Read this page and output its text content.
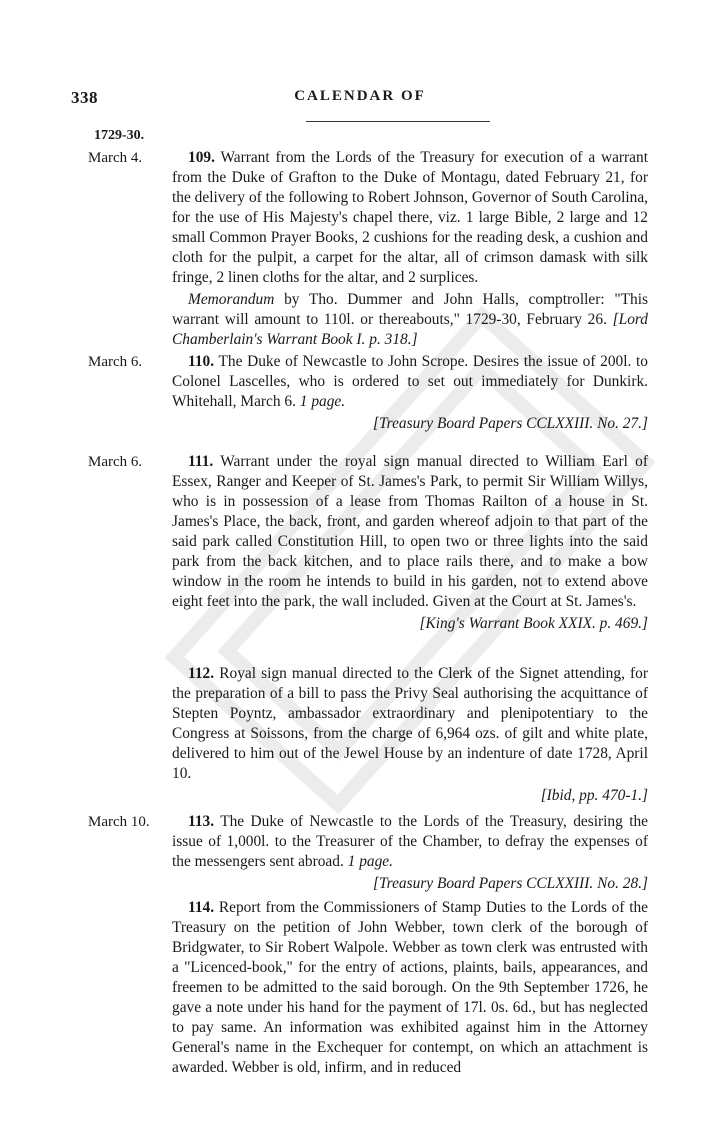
338	CALENDAR OF
1729-30.
March 4.	109. Warrant from the Lords of the Treasury for execution of a warrant from the Duke of Grafton to the Duke of Montagu, dated February 21, for the delivery of the following to Robert Johnson, Governor of South Carolina, for the use of His Majesty's chapel there, viz. 1 large Bible, 2 large and 12 small Common Prayer Books, 2 cushions for the reading desk, a cushion and cloth for the pulpit, a carpet for the altar, all of crimson damask with silk fringe, 2 linen cloths for the altar, and 2 surplices.

Memorandum by Tho. Dummer and John Halls, comptroller: "This warrant will amount to 110l. or thereabouts," 1729-30, February 26. [Lord Chamberlain's Warrant Book I. p. 318.]

March 6.	110. The Duke of Newcastle to John Scrope. Desires the issue of 200l. to Colonel Lascelles, who is ordered to set out immediately for Dunkirk. Whitehall, March 6. 1 page.

[Treasury Board Papers CCLXXIII. No. 27.]

March 6.	111. Warrant under the royal sign manual directed to William Earl of Essex, Ranger and Keeper of St. James's Park, to permit Sir William Willys, who is in possession of a lease from Thomas Railton of a house in St. James's Place, the back, front, and garden whereof adjoin to that part of the said park called Constitution Hill, to open two or three lights into the said park from the back kitchen, and to place rails there, and to make a bow window in the room he intends to build in his garden, not to extend above eight feet into the park, the wall included. Given at the Court at St. James's.

[King's Warrant Book XXIX. p. 469.]

112. Royal sign manual directed to the Clerk of the Signet attending, for the preparation of a bill to pass the Privy Seal authorising the acquittance of Stepten Poyntz, ambassador extraordinary and plenipotentiary to the Congress at Soissons, from the charge of 6,964 ozs. of gilt and white plate, delivered to him out of the Jewel House by an indenture of date 1728, April 10.

[Ibid, pp. 470-1.]

March 10.	113. The Duke of Newcastle to the Lords of the Treasury, desiring the issue of 1,000l. to the Treasurer of the Chamber, to defray the expenses of the messengers sent abroad. 1 page.

[Treasury Board Papers CCLXXIII. No. 28.]

114. Report from the Commissioners of Stamp Duties to the Lords of the Treasury on the petition of John Webber, town clerk of the borough of Bridgwater, to Sir Robert Walpole. Webber as town clerk was entrusted with a "Licenced-book," for the entry of actions, plaints, bails, appearances, and freemen to be admitted to the said borough. On the 9th September 1726, he gave a note under his hand for the payment of 17l. 0s. 6d., but has neglected to pay same. An information was exhibited against him in the Attorney General's name in the Exchequer for contempt, on which an attachment is awarded. Webber is old, infirm, and in reduced
